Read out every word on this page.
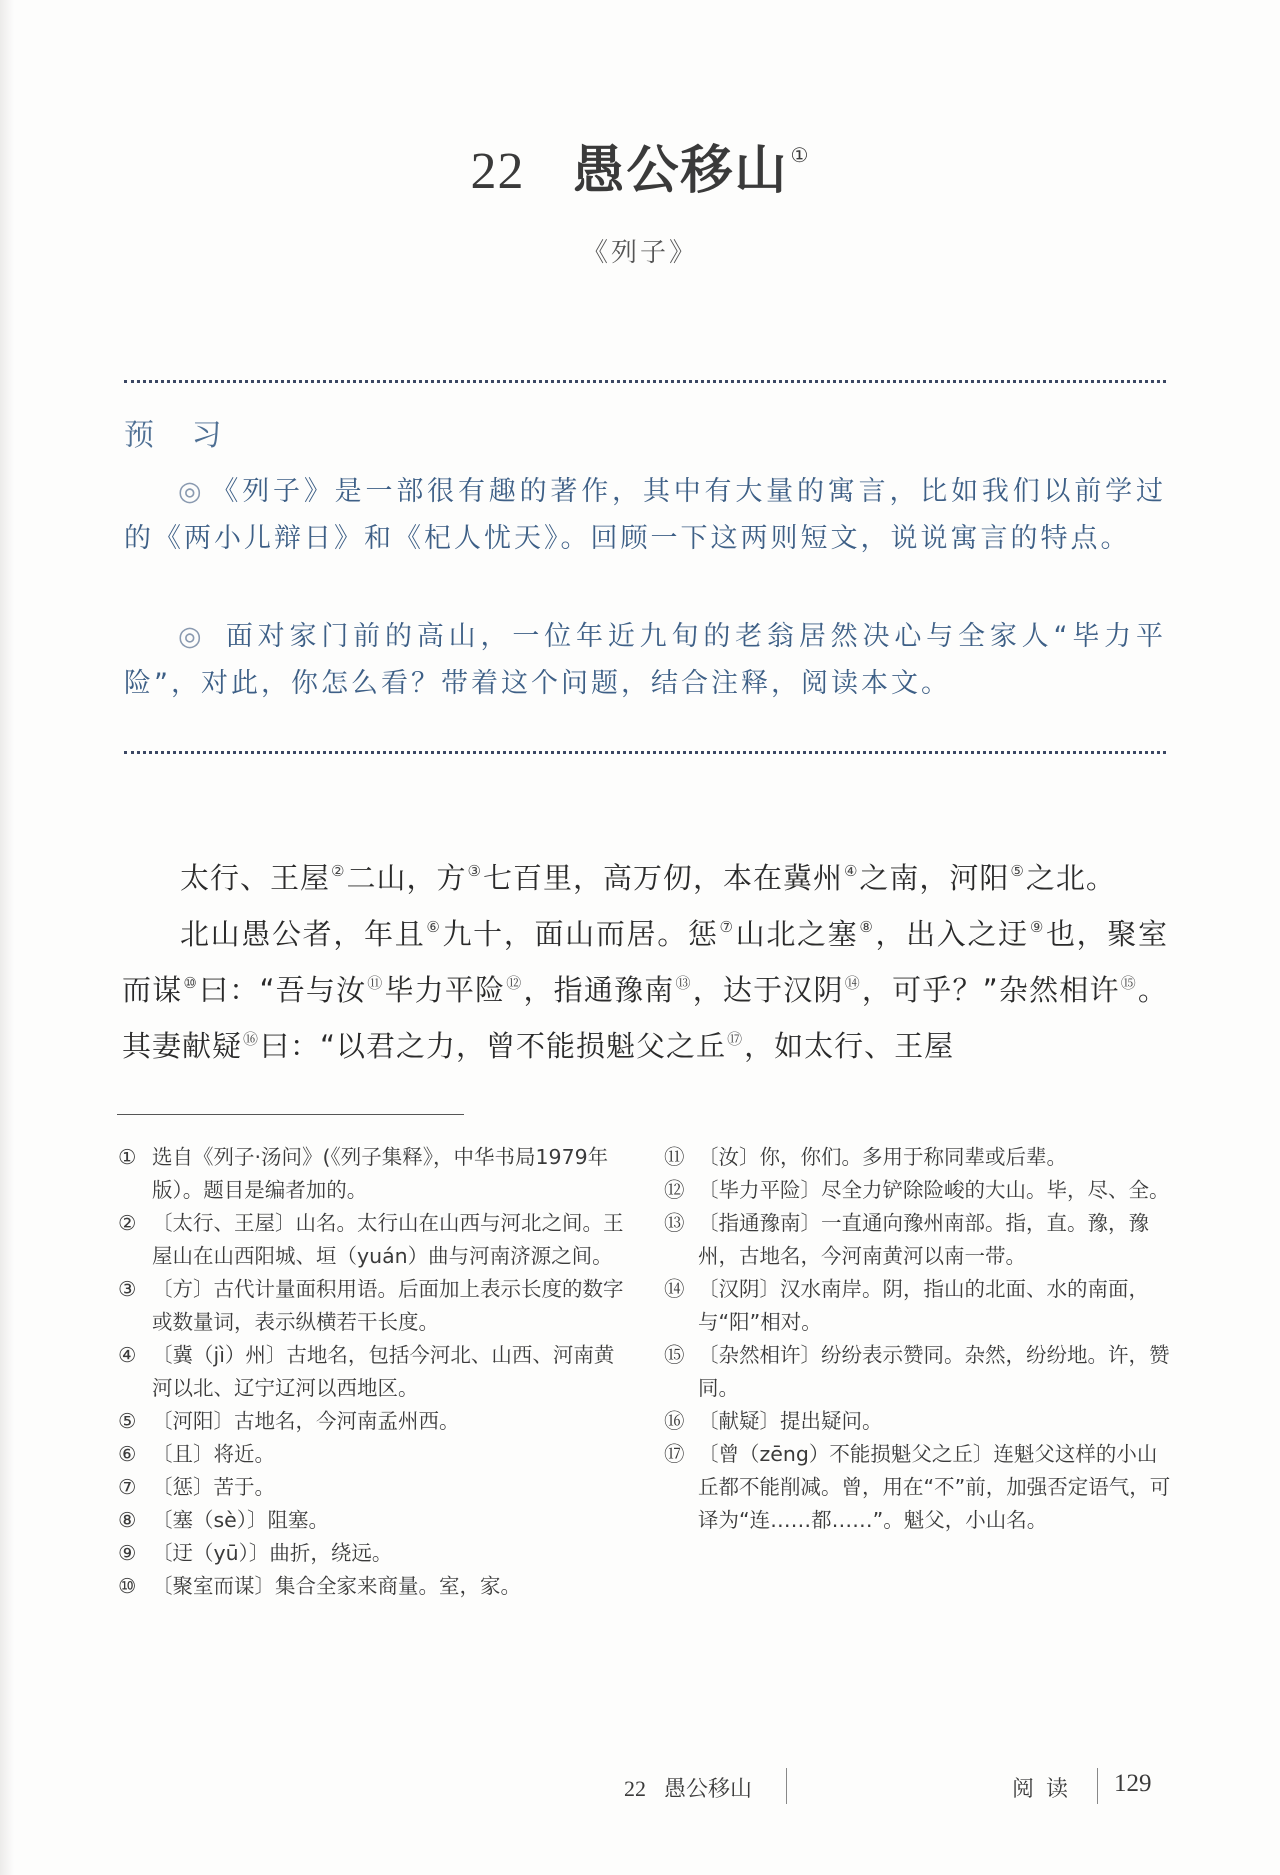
22 愚公移山 ①
《列子》
预 习
◎ 《列子》是一部很有趣的著作，其中有大量的寓言，比如我们以前学过的《两小儿辩日》和《杞人忧天》。回顾一下这两则短文，说说寓言的特点。
◎ 面对家门前的高山，一位年近九旬的老翁居然决心与全家人“毕力平险”，对此，你怎么看？带着这个问题，结合注释，阅读本文。

太行、王屋②二山，方③七百里，高万仞，本在冀州④之南，河阳⑤之北。

北山愚公者，年且⑥九十，面山而居。惩⑦山北之塞⑧，出入之迂⑨也，聚室而谋⑩曰：“吾与汝⑪毕力平险⑫，指通豫南⑬，达于汉阴⑭，可乎？”杂然相许⑮。其妻献疑⑯曰：“以君之力，曾不能损魁父之丘⑰，如太行、王屋

① 选自《列子·汤问》(《列子集释》，中华书局1979年版）。题目是编者加的。
② 〔太行、王屋〕山名。太行山在山西与河北之间。王屋山在山西阳城、垣（yuán）曲与河南济源之间。
③ 〔方〕古代计量面积用语。后面加上表示长度的数字或数量词，表示纵横若干长度。
④ 〔冀（jì）州〕古地名，包括今河北、山西、河南黄河以北、辽宁辽河以西地区。
⑤ 〔河阳〕古地名，今河南孟州西。
⑥ 〔且〕将近。
⑦ 〔惩〕苦于。
⑧ 〔塞（sè）〕阻塞。
⑨ 〔迂（yū）〕曲折，绕远。
⑩ 〔聚室而谋〕集合全家来商量。室，家。
⑪ 〔汝〕你，你们。多用于称同辈或后辈。
⑫ 〔毕力平险〕尽全力铲除险峻的大山。毕，尽、全。
⑬ 〔指通豫南〕一直通向豫州南部。指，直。豫，豫州，古地名，今河南黄河以南一带。
⑭ 〔汉阴〕汉水南岸。阴，指山的北面、水的南面，与“阳”相对。
⑮ 〔杂然相许〕纷纷表示赞同。杂然，纷纷地。许，赞同。
⑯ 〔献疑〕提出疑问。
⑰ 〔曾（zēng）不能损魁父之丘〕连魁父这样的小山丘都不能削减。曾，用在“不”前，加强否定语气，可译为“连……都……”。魁父，小山名。
22 愚公移山	阅读 129
